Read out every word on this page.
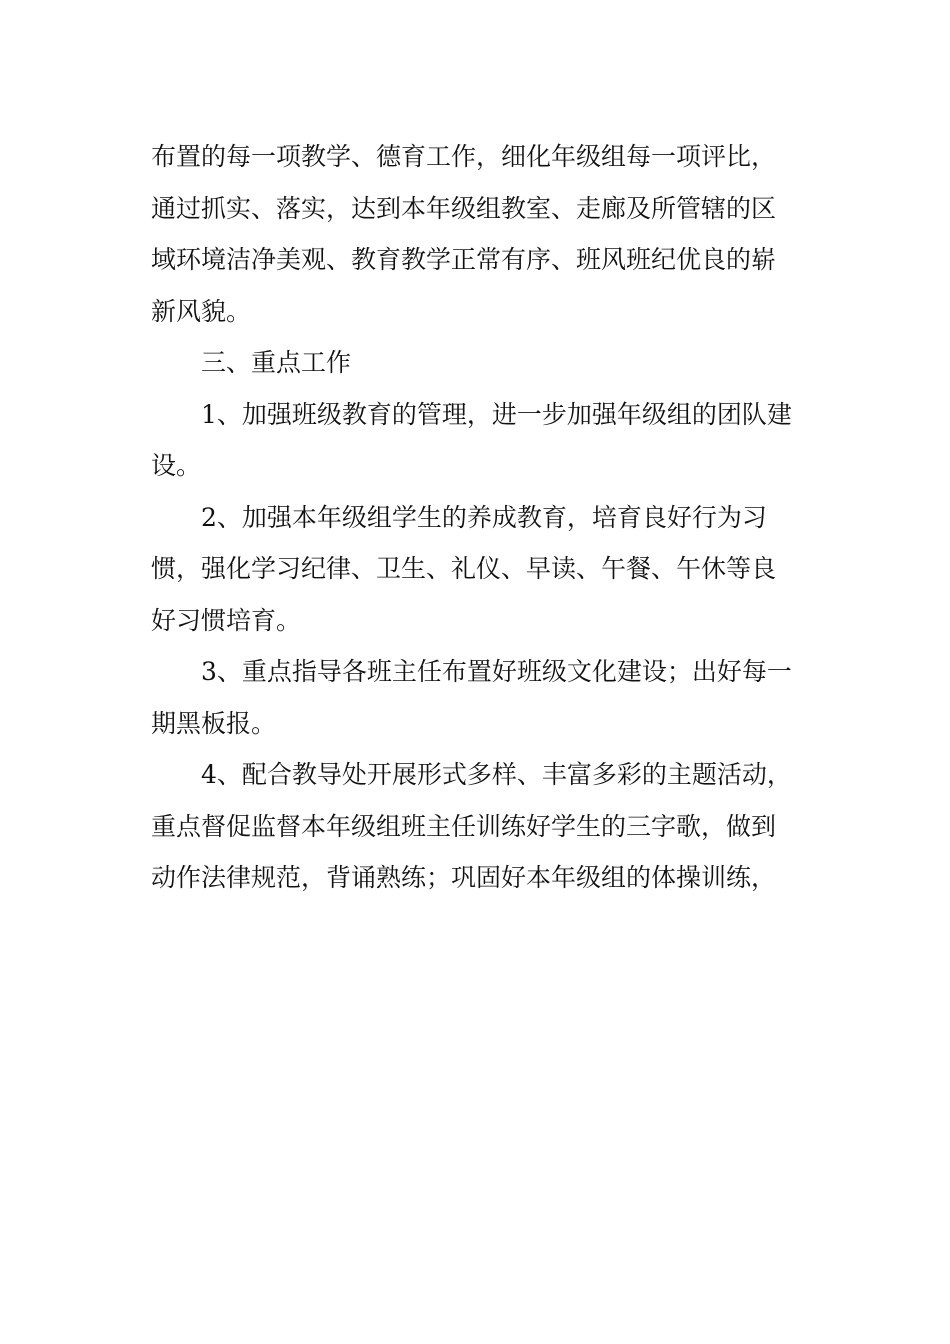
布置的每一项教学、德育工作，细化年级组每一项评比，
通过抓实、落实，达到本年级组教室、走廊及所管辖的区
域环境洁净美观、教育教学正常有序、班风班纪优良的崭
新风貌。
三、重点工作
1、加强班级教育的管理，进一步加强年级组的团队建
设。
2、加强本年级组学生的养成教育，培育良好行为习
惯，强化学习纪律、卫生、礼仪、早读、午餐、午休等良
好习惯培育。
3、重点指导各班主任布置好班级文化建设；出好每一
期黑板报。
4、配合教导处开展形式多样、丰富多彩的主题活动，
重点督促监督本年级组班主任训练好学生的三字歌，做到
动作法律规范，背诵熟练；巩固好本年级组的体操训练，
